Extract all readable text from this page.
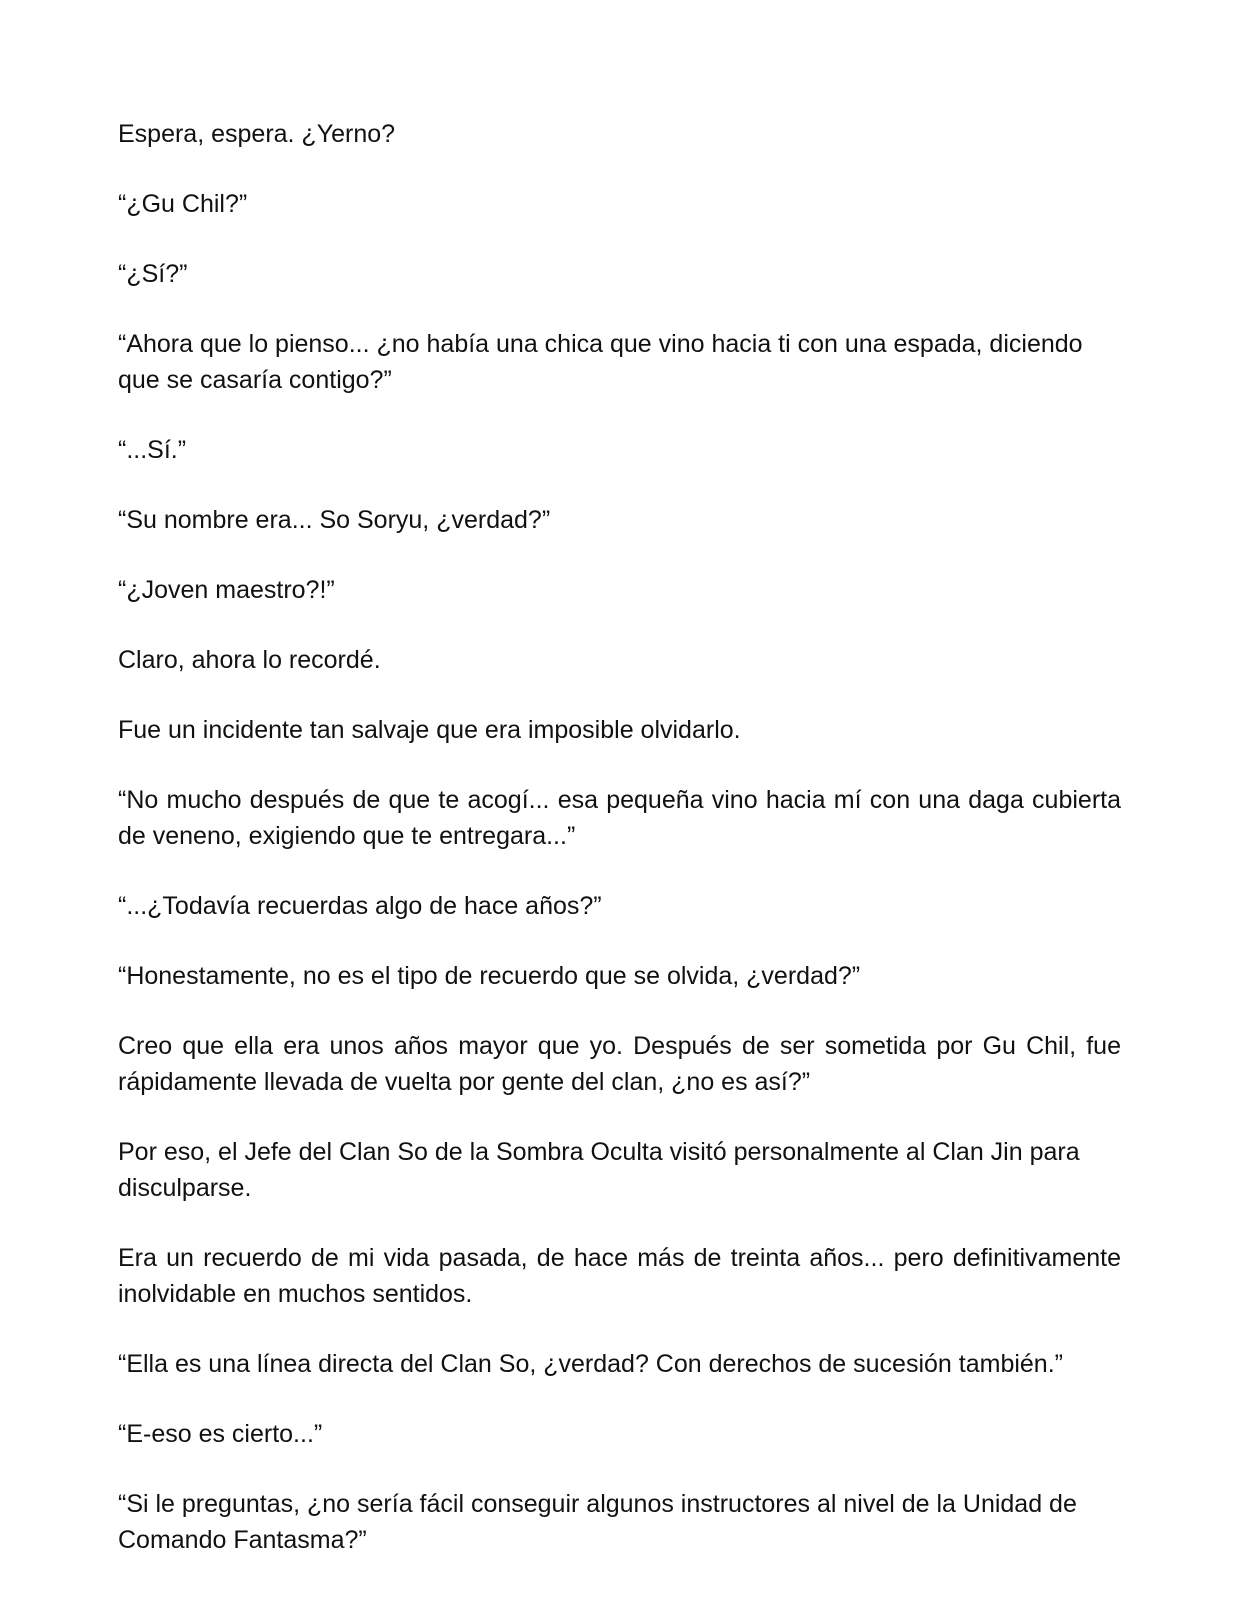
Espera, espera. ¿Yerno?

“¿Gu Chil?”

“¿Sí?”

“Ahora que lo pienso... ¿no había una chica que vino hacia ti con una espada, diciendo que se casaría contigo?”

“...Sí.”

“Su nombre era... So Soryu, ¿verdad?”

“¿Joven maestro?!”

Claro, ahora lo recordé.

Fue un incidente tan salvaje que era imposible olvidarlo.

“No mucho después de que te acogí... esa pequeña vino hacia mí con una daga cubierta de veneno, exigiendo que te entregara...”

“...¿Todavía recuerdas algo de hace años?”

“Honestamente, no es el tipo de recuerdo que se olvida, ¿verdad?”

Creo que ella era unos años mayor que yo. Después de ser sometida por Gu Chil, fue rápidamente llevada de vuelta por gente del clan, ¿no es así?”

Por eso, el Jefe del Clan So de la Sombra Oculta visitó personalmente al Clan Jin para disculparse.

Era un recuerdo de mi vida pasada, de hace más de treinta años... pero definitivamente inolvidable en muchos sentidos.

“Ella es una línea directa del Clan So, ¿verdad? Con derechos de sucesión también.”

“E-eso es cierto...”

“Si le preguntas, ¿no sería fácil conseguir algunos instructores al nivel de la Unidad de Comando Fantasma?”
